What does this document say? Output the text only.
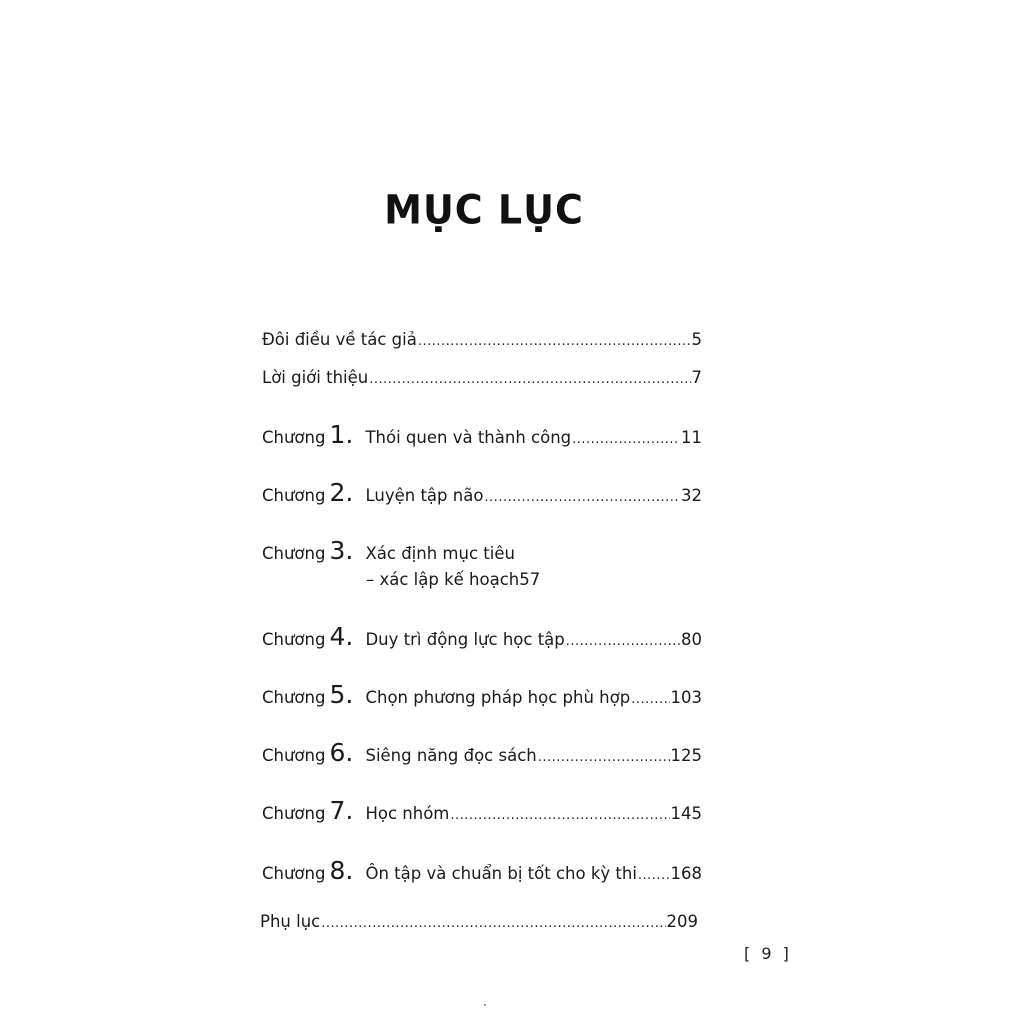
MỤC LỤC
Đôi điều về tác giả .....	5
Lời giới thiệu .....	7
Chương 1. Thói quen và thành công .....	11
Chương 2. Luyện tập não .....	32
Chương 3. Xác định mục tiêu
– xác lập kế hoạch 57
Chương 4. Duy trì động lực học tập .....	80
Chương 5. Chọn phương pháp học phù hợp ..... 103
Chương 6. Siêng năng đọc sách .....	125
Chương 7. Học nhóm .....	145
Chương 8. Ôn tập và chuẩn bị tốt cho kỳ thi ..... 168
Phụ lục .....	209
[ 9 ]
